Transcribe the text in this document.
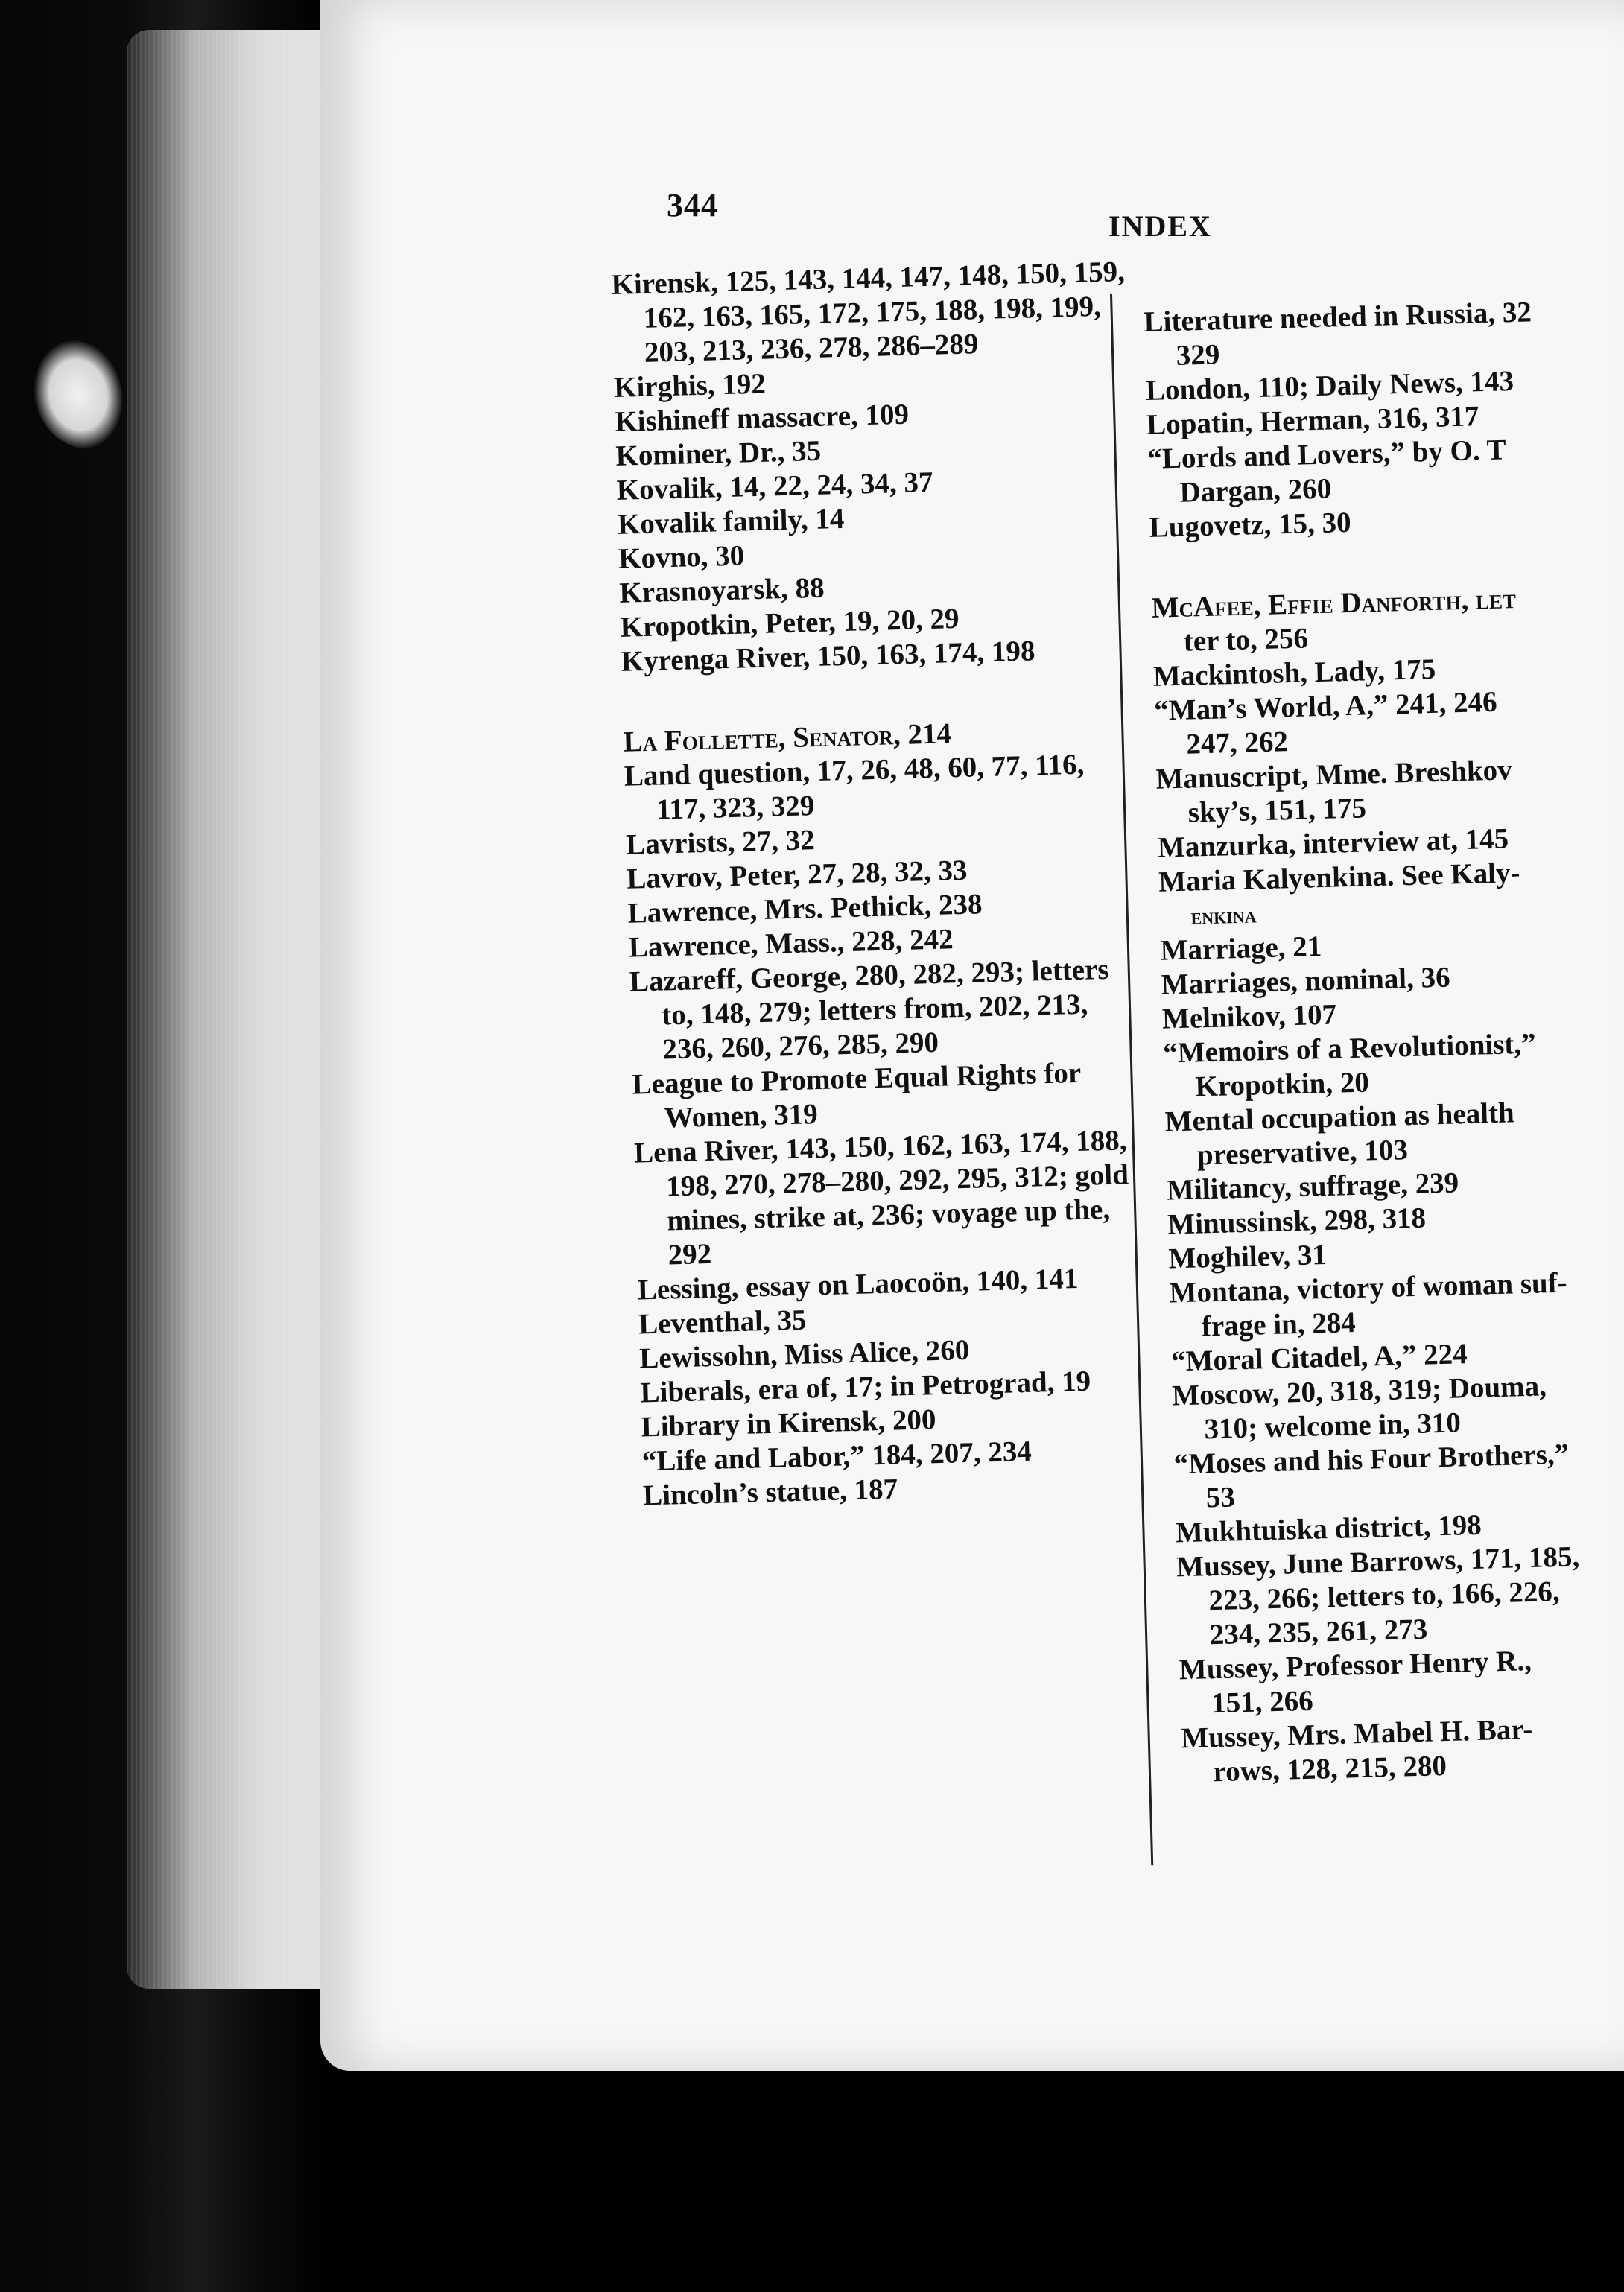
344
INDEX
Kirensk, 125, 143, 144, 147, 148, 150, 159, 162, 163, 165, 172, 175, 188, 198, 199, 203, 213, 236, 278, 286–289
Kirghis, 192
Kishineff massacre, 109
Kominer, Dr., 35
Kovalik, 14, 22, 24, 34, 37
Kovalik family, 14
Kovno, 30
Krasnoyarsk, 88
Kropotkin, Peter, 19, 20, 29
Kyrenga River, 150, 163, 174, 198
La Follette, Senator, 214
Land question, 17, 26, 48, 60, 77, 116, 117, 323, 329
Lavrists, 27, 32
Lavrov, Peter, 27, 28, 32, 33
Lawrence, Mrs. Pethick, 238
Lawrence, Mass., 228, 242
Lazareff, George, 280, 282, 293; letters to, 148, 279; letters from, 202, 213, 236, 260, 276, 285, 290
League to Promote Equal Rights for Women, 319
Lena River, 143, 150, 162, 163, 174, 188, 198, 270, 278–280, 292, 295, 312; gold mines, strike at, 236; voyage up the, 292
Lessing, essay on Laocoön, 140, 141
Leventhal, 35
Lewissohn, Miss Alice, 260
Liberals, era of, 17; in Petrograd, 19
Library in Kirensk, 200
“Life and Labor,” 184, 207, 234
Lincoln’s statue, 187
Literature needed in Russia, 32
329
London, 110; Daily News, 143
Lopatin, Herman, 316, 317
“Lords and Lovers,” by O. T
Dargan, 260
Lugovetz, 15, 30
McAfee, Effie Danforth, let
ter to, 256
Mackintosh, Lady, 175
“Man’s World, A,” 241, 246
247, 262
Manuscript, Mme. Breshkov
sky’s, 151, 175
Manzurka, interview at, 145
Maria Kalyenkina. See Kaly-
enkina
Marriage, 21
Marriages, nominal, 36
Melnikov, 107
“Memoirs of a Revolutionist,”
Kropotkin, 20
Mental occupation as health
preservative, 103
Militancy, suffrage, 239
Minussinsk, 298, 318
Moghilev, 31
Montana, victory of woman suf-
frage in, 284
“Moral Citadel, A,” 224
Moscow, 20, 318, 319; Douma,
310; welcome in, 310
“Moses and his Four Brothers,”
53
Mukhtuiska district, 198
Mussey, June Barrows, 171, 185,
223, 266; letters to, 166, 226,
234, 235, 261, 273
Mussey, Professor Henry R.,
151, 266
Mussey, Mrs. Mabel H. Bar-
rows, 128, 215, 280
